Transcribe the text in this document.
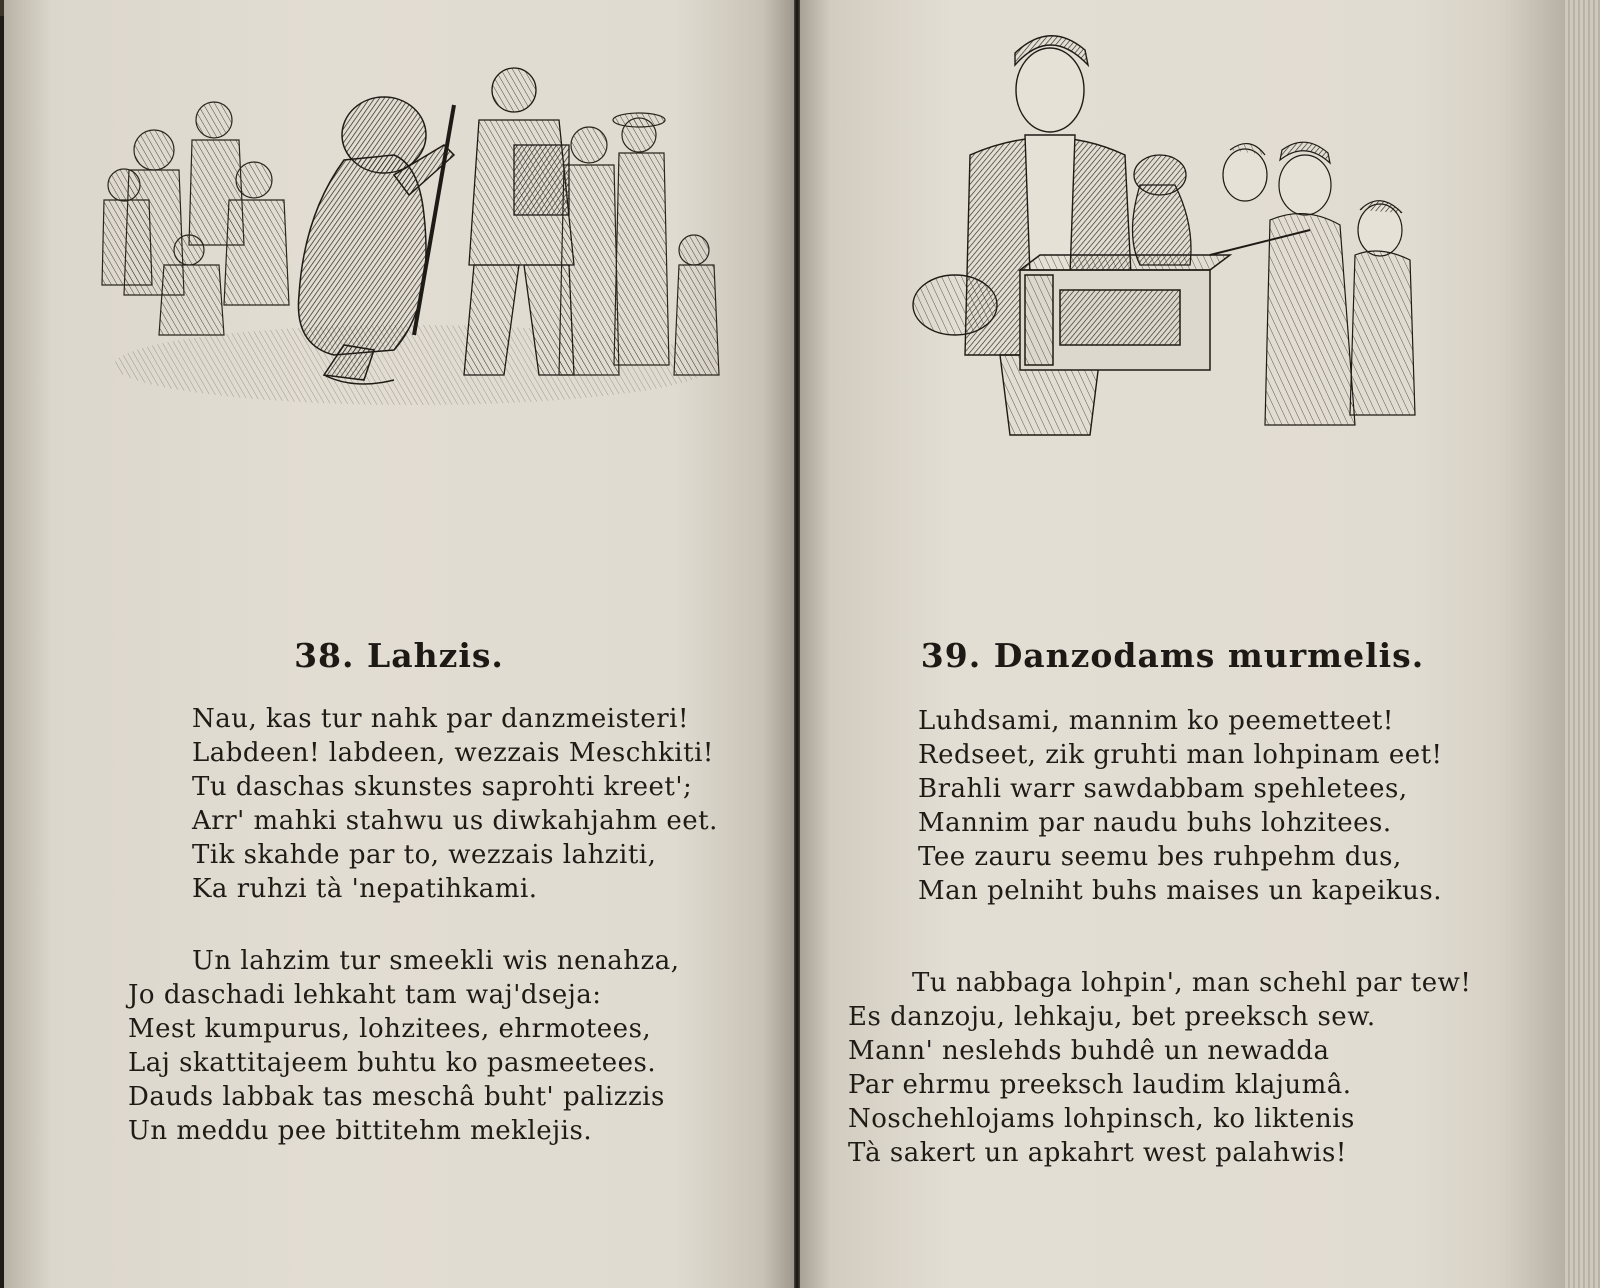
38. Lahzis.
Nau, kas tur nahk par danzmeisteri!
Labdeen! labdeen, wezzais Meschkiti!
Tu daschas skunstes saprohti kreet';
Arr' mahki stahwu us diwkahjahm eet.
Tik skahde par to, wezzais lahziti,
Ka ruhzi tà 'nepatihkami.
Un lahzim tur smeekli wis nenahza,
Jo daschadi lehkaht tam waj'dseja:
Mest kumpurus, lohzitees, ehrmotees,
Laj skattitajeem buhtu ko pasmeetees.
Dauds labbak tas meschâ buht' palizzis
Un meddu pee bittitehm meklejis.
39. Danzodams murmelis.
Luhdsami, mannim ko peemetteet!
Redseet, zik gruhti man lohpinam eet!
Brahli warr sawdabbam spehletees,
Mannim par naudu buhs lohzitees.
Tee zauru seemu bes ruhpehm dus,
Man pelniht buhs maises un kapeikus.
Tu nabbaga lohpin', man schehl par tew!
Es danzoju, lehkaju, bet preeksch sew.
Mann' neslehds buhdê un newadda
Par ehrmu preeksch laudim klajumâ.
Noschehlojams lohpinsch, ko liktenis
Tà sakert un apkahrt west palahwis!
